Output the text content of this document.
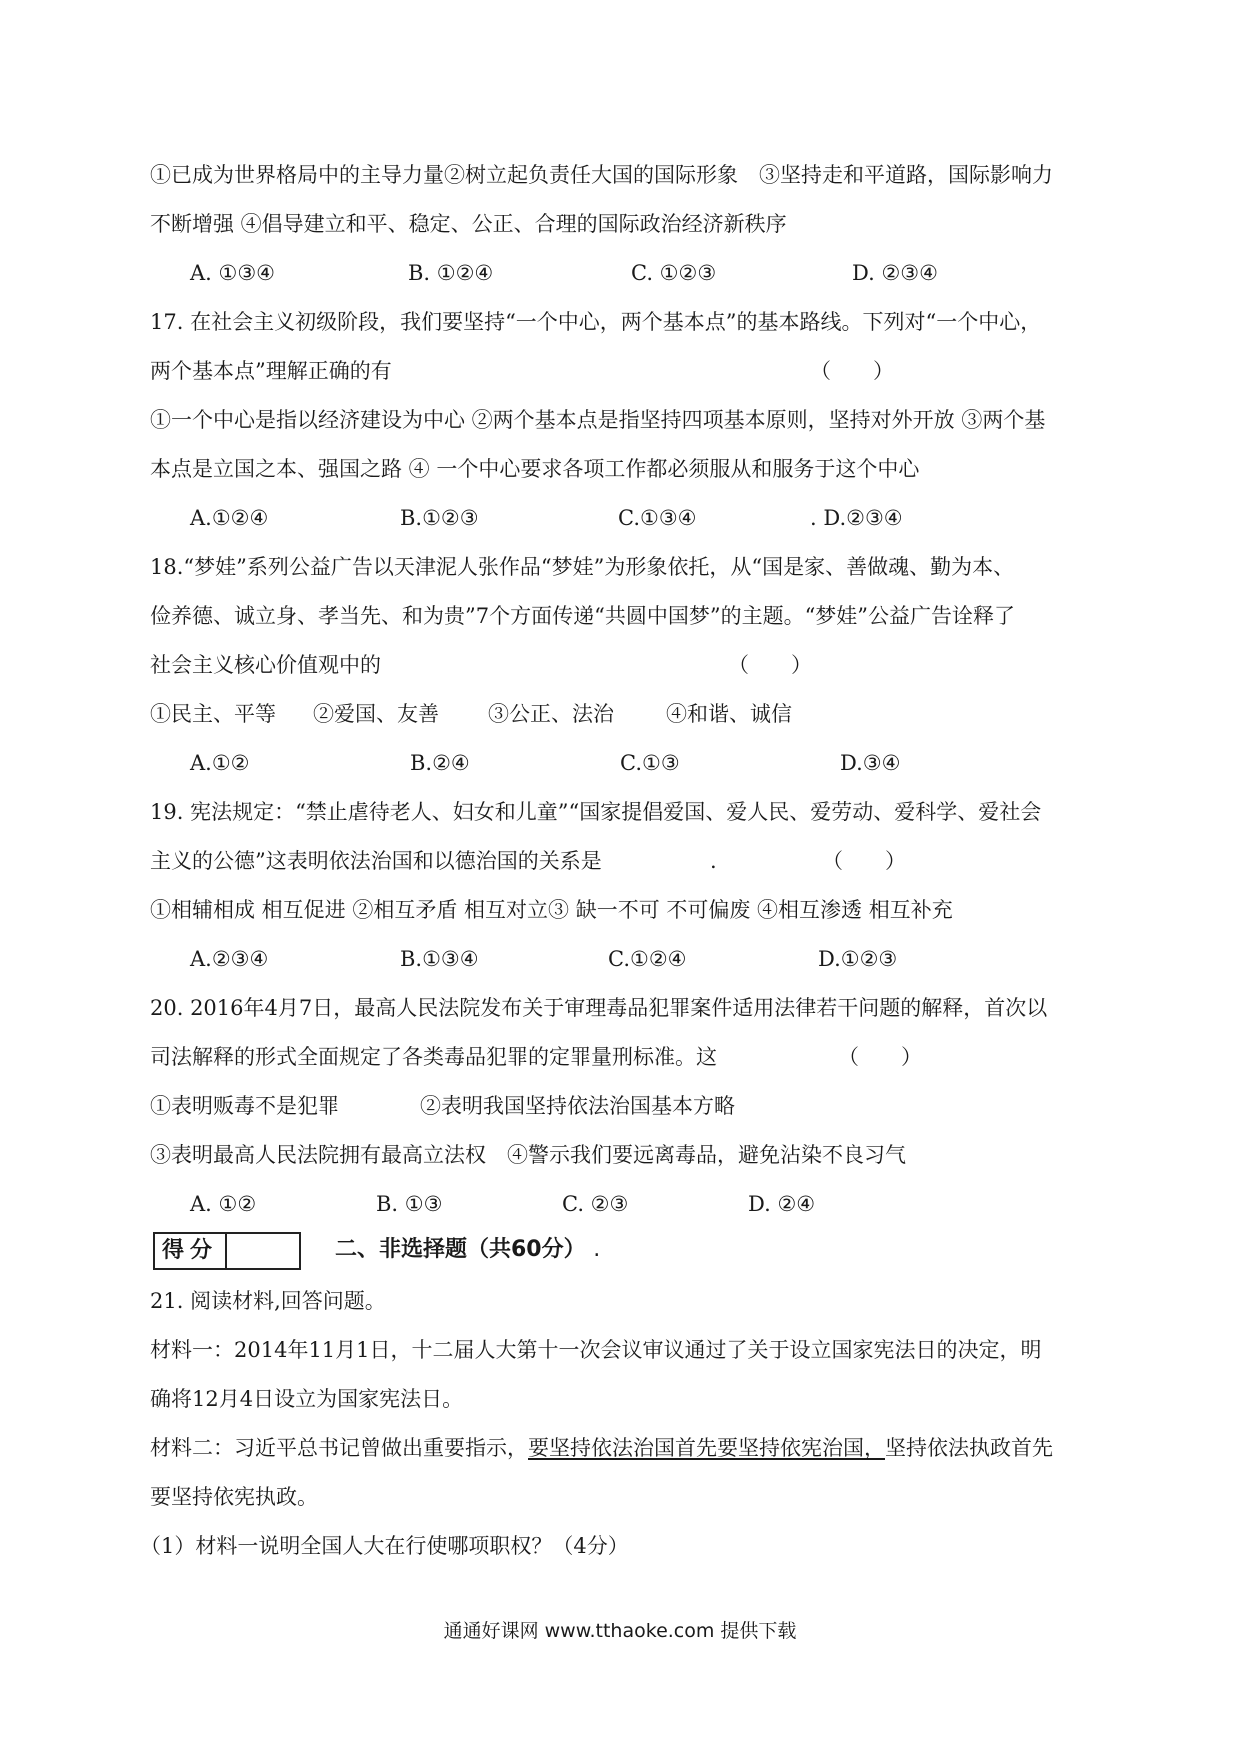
①已成为世界格局中的主导力量②树立起负责任大国的国际形象　③坚持走和平道路，国际影响力
不断增强 ④倡导建立和平、稳定、公正、合理的国际政治经济新秩序
A. ①③④	B. ①②④	C. ①②③	D. ②③④
17. 在社会主义初级阶段，我们要坚持“一个中心，两个基本点”的基本路线。下列对“一个中心，
两个基本点”理解正确的有	（　　）
①一个中心是指以经济建设为中心 ②两个基本点是指坚持四项基本原则，坚持对外开放 ③两个基
本点是立国之本、强国之路 ④ 一个中心要求各项工作都必须服从和服务于这个中心
A.①②④	B.①②③	C.①③④	. D.②③④
18.“梦娃”系列公益广告以天津泥人张作品“梦娃”为形象依托，从“国是家、善做魂、勤为本、
俭养德、诚立身、孝当先、和为贵”7个方面传递“共圆中国梦”的主题。“梦娃”公益广告诠释了
社会主义核心价值观中的	（　　）
①民主、平等 ②爱国、友善 ③公正、法治 ④和谐、诚信
A.①②	B.②④	C.①③	D.③④
19. 宪法规定：“禁止虐待老人、妇女和儿童”“国家提倡爱国、爱人民、爱劳动、爱科学、爱社会
主义的公德”这表明依法治国和以德治国的关系是	.	（　　）
①相辅相成 相互促进 ②相互矛盾 相互对立③ 缺一不可 不可偏废 ④相互渗透 相互补充
A.②③④	B.①③④	C.①②④	D.①②③
20. 2016年4月7日，最高人民法院发布关于审理毒品犯罪案件适用法律若干问题的解释，首次以
司法解释的形式全面规定了各类毒品犯罪的定罪量刑标准。这	（　　）
①表明贩毒不是犯罪	②表明我国坚持依法治国基本方略
③表明最高人民法院拥有最高立法权　④警示我们要远离毒品，避免沾染不良习气
A. ①②	B. ①③	C. ②③	D. ②④
得分	二、非选择题（共60分） .
21. 阅读材料,回答问题。
材料一：2014年11月1日，十二届人大第十一次会议审议通过了关于设立国家宪法日的决定，明
确将12月4日设立为国家宪法日。
材料二：习近平总书记曾做出重要指示，要坚持依法治国首先要坚持依宪治国，坚持依法执政首先
要坚持依宪执政。
（1）材料一说明全国人大在行使哪项职权？（4分）
通通好课网 www.tthaoke.com 提供下载
